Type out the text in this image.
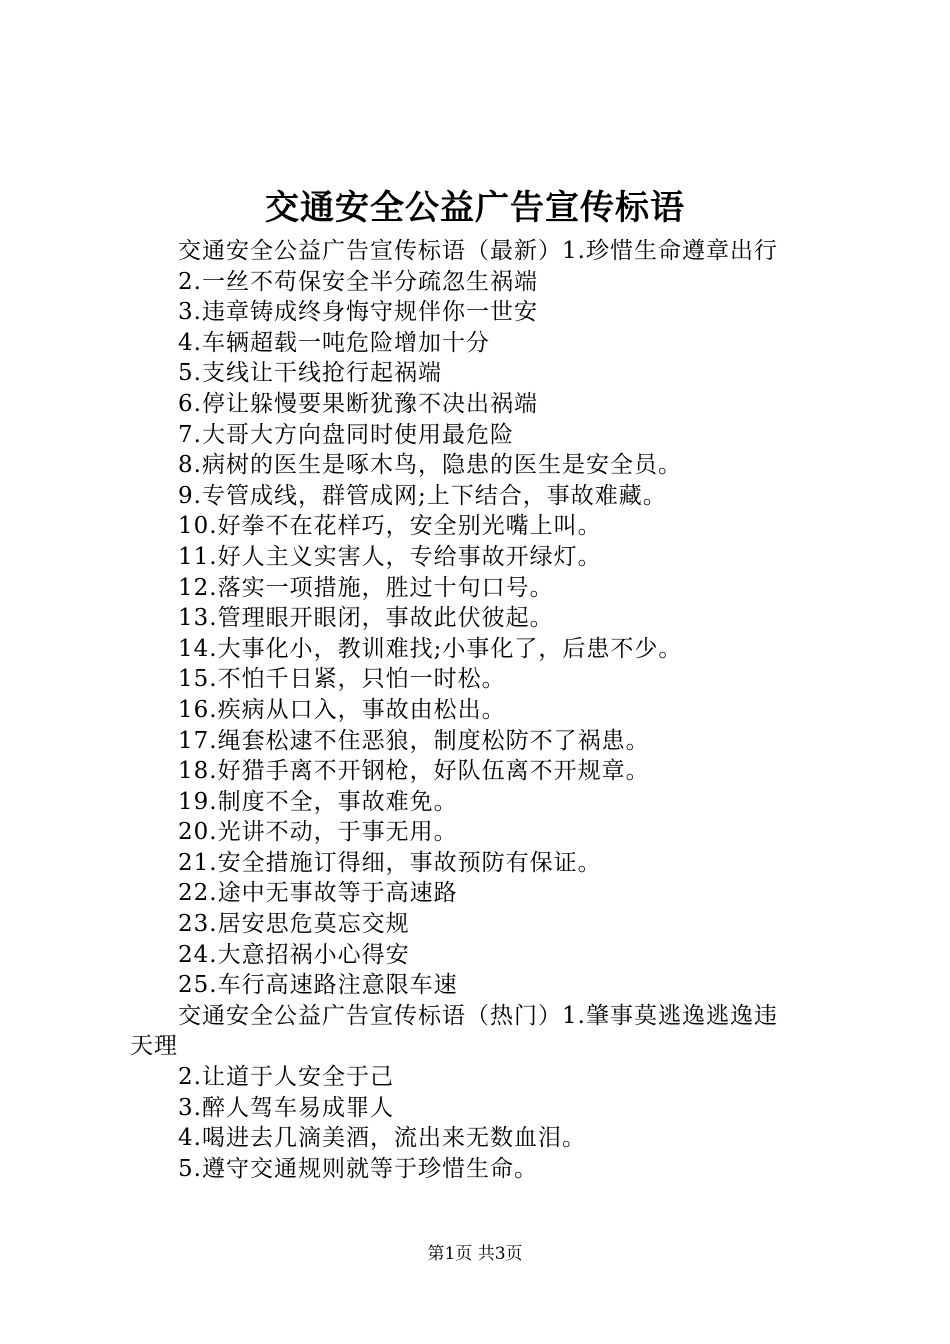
交通安全公益广告宣传标语
交通安全公益广告宣传标语（最新）1.珍惜生命遵章出行
2.一丝不苟保安全半分疏忽生祸端
3.违章铸成终身悔守规伴你一世安
4.车辆超载一吨危险增加十分
5.支线让干线抢行起祸端
6.停让躲慢要果断犹豫不决出祸端
7.大哥大方向盘同时使用最危险
8.病树的医生是啄木鸟，隐患的医生是安全员。
9.专管成线，群管成网;上下结合，事故难藏。
10.好拳不在花样巧，安全别光嘴上叫。
11.好人主义实害人，专给事故开绿灯。
12.落实一项措施，胜过十句口号。
13.管理眼开眼闭，事故此伏彼起。
14.大事化小，教训难找;小事化了，后患不少。
15.不怕千日紧，只怕一时松。
16.疾病从口入，事故由松出。
17.绳套松逮不住恶狼，制度松防不了祸患。
18.好猎手离不开钢枪，好队伍离不开规章。
19.制度不全，事故难免。
20.光讲不动，于事无用。
21.安全措施订得细，事故预防有保证。
22.途中无事故等于高速路
23.居安思危莫忘交规
24.大意招祸小心得安
25.车行高速路注意限车速
交通安全公益广告宣传标语（热门）1.肇事莫逃逸逃逸违
天理
2.让道于人安全于己
3.醉人驾车易成罪人
4.喝进去几滴美酒，流出来无数血泪。
5.遵守交通规则就等于珍惜生命。
第1页 共3页
